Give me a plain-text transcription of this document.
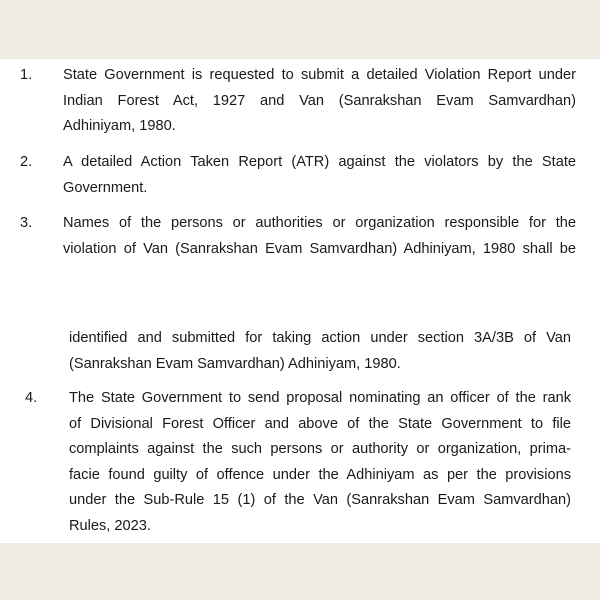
1.	State Government is requested to submit a detailed Violation Report under
Indian Forest Act, 1927 and Van (Sanrakshan Evam Samvardhan)
Adhiniyam, 1980.
2.	A detailed Action Taken Report (ATR) against the violators by the State
Government.
3.	Names of the persons or authorities or organization responsible for the
violation of Van (Sanrakshan Evam Samvardhan) Adhiniyam, 1980 shall be
identified and submitted for taking action under section 3A/3B of Van
(Sanrakshan Evam Samvardhan) Adhiniyam, 1980.
4.	The State Government to send proposal nominating an officer of the rank
of Divisional Forest Officer and above of the State Government to file
complaints against the such persons or authority or organization, prima-
facie found guilty of offence under the Adhiniyam as per the provisions
under the Sub-Rule 15 (1) of the Van (Sanrakshan Evam Samvardhan)
Rules, 2023.
